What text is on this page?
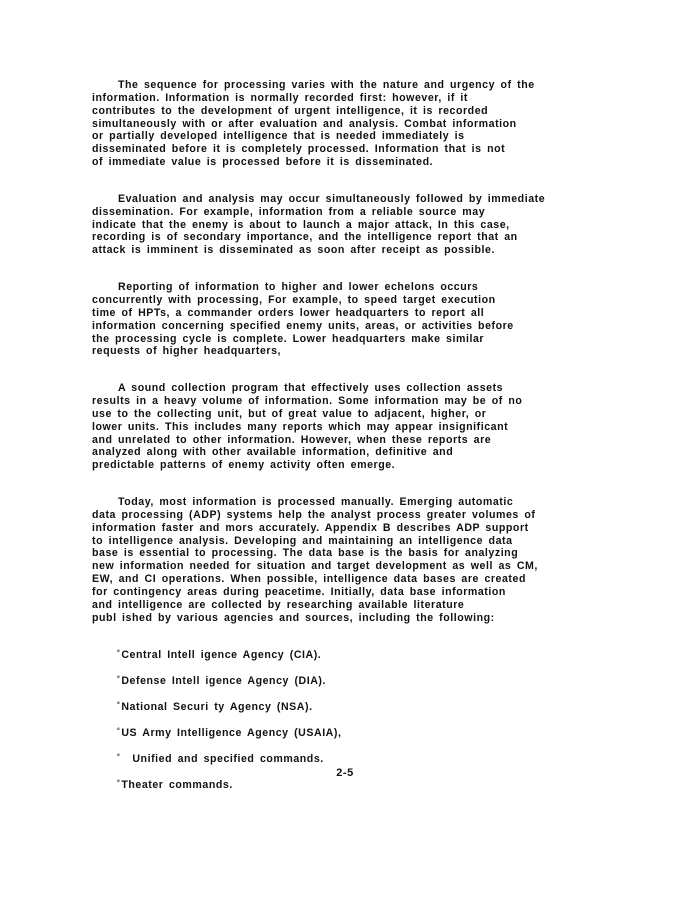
The sequence for processing varies with the nature and urgency of the
information. Information is normally recorded first: however, if it
contributes to the development of urgent intelligence, it is recorded
simultaneously with or after evaluation and analysis. Combat information
or partially developed intelligence that is needed immediately is
disseminated before it is completely processed. Information that is not
of immediate value is processed before it is disseminated.
Evaluation and analysis may occur simultaneously followed by immediate
dissemination. For example, information from a reliable source may
indicate that the enemy is about to launch a major attack, In this case,
recording is of secondary importance, and the intelligence report that an
attack is imminent is disseminated as soon after receipt as possible.
Reporting of information to higher and lower echelons occurs
concurrently with processing, For example, to speed target execution
time of HPTs, a commander orders lower headquarters to report all
information concerning specified enemy units, areas, or activities before
the processing cycle is complete. Lower headquarters make similar
requests of higher headquarters,
A sound collection program that effectively uses collection assets
results in a heavy volume of information. Some information may be of no
use to the collecting unit, but of great value to adjacent, higher, or
lower units. This includes many reports which may appear insignificant
and unrelated to other information. However, when these reports are
analyzed along with other available information, definitive and
predictable patterns of enemy activity often emerge.
Today, most information is processed manually. Emerging automatic
data processing (ADP) systems help the analyst process greater volumes of
information faster and mors accurately. Appendix B describes ADP support
to intelligence analysis. Developing and maintaining an intelligence data
base is essential to processing. The data base is the basis for analyzing
new information needed for situation and target development as well as CM,
EW, and CI operations. When possible, intelligence data bases are created
for contingency areas during peacetime. Initially, data base information
and intelligence are collected by researching available literature
publ ished by various agencies and sources, including the following:
°Central Intell igence Agency (CIA).
°Defense Intell igence Agency (DIA).
°National Securi ty Agency (NSA).
°US Army Intelligence Agency (USAIA),
° Unified and specified commands.
°Theater commands.
2-5
